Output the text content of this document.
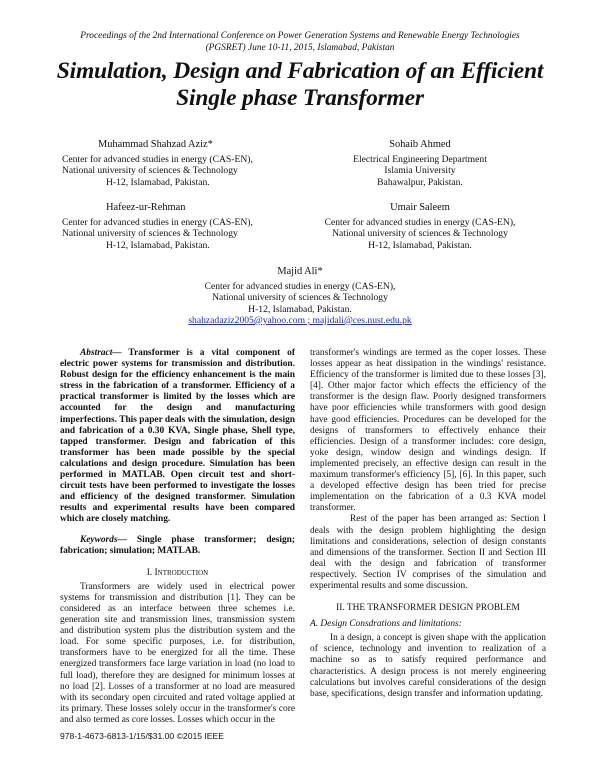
Proceedings of the 2nd International Conference on Power Generation Systems and Renewable Energy Technologies
(PGSRET) June 10-11, 2015, Islamabad, Pakistan
Simulation, Design and Fabrication of an Efficient
Single phase Transformer
Muhammad Shahzad Aziz*
Center for advanced studies in energy (CAS-EN),
National university of sciences & Technology
H-12, Islamabad, Pakistan.
Sohaib Ahmed
Electrical Engineering Department
Islamia University
Bahawalpur, Pakistan.
Hafeez-ur-Rehman
Center for advanced studies in energy (CAS-EN),
National university of sciences & Technology
H-12, Islamabad, Pakistan.
Umair Saleem
Center for advanced studies in energy (CAS-EN),
National university of sciences & Technology
H-12, Islamabad, Pakistan.
Majid Ali*
Center for advanced studies in energy (CAS-EN),
National university of sciences & Technology
H-12, Islamabad, Pakistan.
shahzadaziz2005@yahoo.com ; majidali@ces.nust.edu.pk

Abstract— Transformer is a vital component of electric power systems for transmission and distribution. Robust design for the efficiency enhancement is the main stress in the fabrication of a transformer. Efficiency of a practical transformer is limited by the losses which are accounted for the design and manufacturing imperfections. This paper deals with the simulation, design and fabrication of a 0.30 KVA, Single phase, Shell type, tapped transformer. Design and fabrication of this transformer has been made possible by the special calculations and design procedure. Simulation has been performed in MATLAB. Open circuit test and short-circuit tests have been performed to investigate the losses and efficiency of the designed transformer. Simulation results and experimental results have been compared which are closely matching.

Keywords— Single phase transformer; design; fabrication; simulation; MATLAB.

I. Introduction

Transformers are widely used in electrical power systems for transmission and distribution [1]. They can be considered as an interface between three schemes i.e. generation site and transmission lines, transmission system and distribution system plus the distribution system and the load. For some specific purposes, i.e. for distribution, transformers have to be energized for all the time. These energized transformers face large variation in load (no load to full load), therefore they are designed for minimum losses at no load [2]. Losses of a transformer at no load are measured with its secondary open circuited and rated voltage applied at its primary. These losses solely occur in the transformer's core and also termed as core losses. Losses which occur in the

transformer's windings are termed as the coper losses. These losses appear as heat dissipation in the windings' resistance. Efficiency of the transformer is limited due to these losses [3], [4]. Other major factor which effects the efficiency of the transformer is the design flaw. Poorly designed transformers have poor efficiencies while transformers with good design have good efficiencies. Procedures can be developed for the designs of transformers to effectively enhance their efficiencies. Design of a transformer includes: core design, yoke design, window design and windings design. If implemented precisely, an effective design can result in the maximum transformer's efficiency [5], [6]. In this paper, such a developed effective design has been tried for precise implementation on the fabrication of a 0.3 KVA model transformer.

Rest of the paper has been arranged as: Section I deals with the design problem highlighting the design limitations and considerations, selection of design constants and dimensions of the transformer. Section II and Section III deal with the design and fabrication of transformer respectively. Section IV comprises of the simulation and experimental results and some discussion.

II. THE TRANSFORMER DESIGN PROBLEM

A. Design Consdrations and limitations:

In a design, a concept is given shape with the application of science, technology and invention to realization of a machine so as to satisfy required performance and characteristics. A design process is not merely engineering calculations but involves careful considerations of the design base, specifications, design transfer and information updating.

978-1-4673-6813-1/15/$31.00 ©2015 IEEE
